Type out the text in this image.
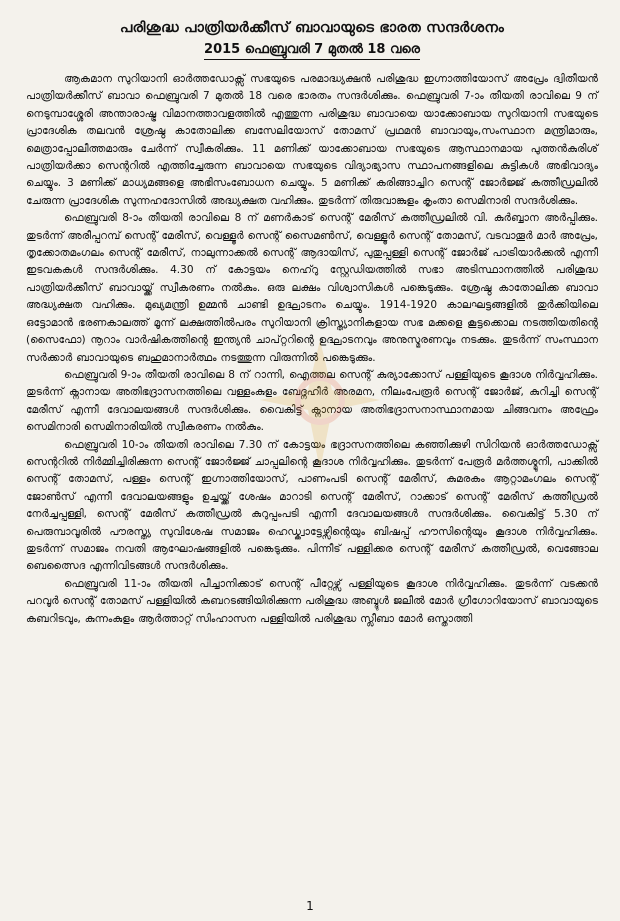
പരിശുദ്ധ പാത്രിയർക്കീസ് ബാവായുടെ ഭാരത സന്ദർശനം
2015 ഫെബ്രുവരി 7 മുതൽ 18 വരെ

ആകമാന സുറിയാനി ഓർത്തഡോക്സ് സഭയുടെ പരമാദ്ധ്യക്ഷൻ പരിശുദ്ധ ഇഗ്നാത്തിയോസ് അപ്രേം ദ്വിതീയൻ പാത്രിയർക്കീസ് ബാവാ ഫെബ്രുവരി 7 മുതൽ 18 വരെ ഭാരതം സന്ദർശിക്കും. ഫെബ്രുവരി 7-ാം തീയതി രാവിലെ 9 ന് നെടുമ്പാശ്ശേരി അന്താരാഷ്ട്ര വിമാനത്താവളത്തിൽ എത്തുന്ന പരിശുദ്ധ ബാവായെ യാക്കോബായ സുറിയാനി സഭയുടെ പ്രാദേശിക തലവൻ ശ്രേഷ്ഠ കാതോലിക്ക ബസേലിയോസ് തോമസ് പ്രഥമൻ ബാവായും,സംസ്ഥാന മന്ത്രിമാരും, മെത്രാപ്പോലീത്തമാരും ചേർന്ന് സ്വീകരിക്കും. 11 മണിക്ക് യാക്കോബായ സഭയുടെ ആസ്ഥാനമായ പുത്തൻകുരിശ് പാത്രിയർക്കാ സെന്ററിൽ എത്തിച്ചേരുന്ന ബാവായെ സഭയുടെ വിദ്യാഭ്യാസ സ്ഥാപനങ്ങളിലെ കുട്ടികൾ അഭിവാദ്യം ചെയ്യും. 3 മണിക്ക് മാധ്യമങ്ങളെ അഭിസംബോധന ചെയ്യും. 5 മണിക്ക് കരിങ്ങാച്ചിറ സെന്റ് ജോർജ്ജ് കത്തീഡ്രലിൽ ചേരുന്ന പ്രാദേശിക സുന്നഹദോസിൽ അദ്ധ്യക്ഷത വഹിക്കും. തുടർന്ന് തിരുവാങ്കുളം കൃംതാ സെമിനാരി സന്ദർശിക്കും.

ഫെബ്രുവരി 8-ാം തീയതി രാവിലെ 8 ന് മണർകാട് സെന്റ് മേരീസ് കത്തീഡ്രലിൽ വി. കുർബ്ബാന അർപ്പിക്കും. തുടർന്ന് അരീപ്പറമ്പ് സെന്റ് മേരീസ്, വെള്ളൂർ സെന്റ് സൈമൺസ്, വെള്ളൂർ സെന്റ് തോമസ്, വടവാതൂർ മാർ അപ്രേം, തൃക്കോതമംഗലം സെന്റ് മേരീസ്, നാലുന്നാക്കൽ സെന്റ് ആദായിസ്, പുതുപ്പള്ളി സെന്റ് ജോർജ് പാട്രിയാർക്കൽ എന്നീ ഇടവകകൾ സന്ദർശിക്കും. 4.30 ന് കോട്ടയം നെഹ്റു സ്റ്റേഡിയത്തിൽ സഭാ അടിസ്ഥാനത്തിൽ പരിശുദ്ധ പാത്രിയർക്കീസ് ബാവായ്ക്ക് സ്വീകരണം നൽകും. ഒരു ലക്ഷം വിശ്വാസികൾ പങ്കെടുക്കും. ശ്രേഷ്ഠ കാതോലിക്ക ബാവാ അദ്ധ്യക്ഷത വഹിക്കും. മുഖ്യമന്ത്രി ഉമ്മൻ ചാണ്ടി ഉദ്ഘാടനം ചെയ്യും. 1914-1920 കാലഘട്ടങ്ങളിൽ തുർക്കിയിലെ ഒട്ടോമാൻ ഭരണകാലത്ത് മൂന്ന് ലക്ഷത്തിൽപരം സുറിയാനി ക്രിസ്ത്യാനികളായ സഭ മക്കളെ കൂട്ടക്കൊല നടത്തിയതിന്റെ (സൈഫോ) നൂറാം വാർഷികത്തിന്റെ ഇന്ത്യൻ ചാപ്റ്ററിന്റെ ഉദ്ഘാടനവും അനുസ്മരണവും നടക്കും. തുടർന്ന് സംസ്ഥാന സർക്കാർ ബാവായുടെ ബഹുമാനാർത്ഥം നടത്തുന്ന വിരുന്നിൽ പങ്കെടുക്കും.

ഫെബ്രുവരി 9-ാം തീയതി രാവിലെ 8 ന് റാന്നി, ഐത്തല സെന്റ് കുര്യാക്കോസ് പള്ളിയുടെ കൂദാശ നിർവ്വഹിക്കും. തുടർന്ന് ക്നാനായ അതിഭദ്രാസനത്തിലെ വള്ളംകുളം ബേദ്നഹീർ അരമന, നീലംപേരൂർ സെന്റ് ജോർജ്, കുറിച്ചി സെന്റ് മേരീസ് എന്നീ ദേവാലയങ്ങൾ സന്ദർശിക്കും. വൈകിട്ട് ക്നാനായ അതിഭദ്രാസനാസ്ഥാനമായ ചിങ്ങവനം അഫ്രേം സെമിനാരി സെമിനാരിയിൽ സ്വീകരണം നൽകും.

ഫെബ്രുവരി 10-ാം തീയതി രാവിലെ 7.30 ന് കോട്ടയം ഭദ്രാസനത്തിലെ കഞ്ഞിക്കുഴി സിറിയൻ ഓർത്തഡോക്സ് സെന്ററിൽ നിർമ്മിച്ചിരിക്കുന്ന സെന്റ് ജോർജ്ജ് ചാപ്പലിന്റെ കൂദാശ നിർവ്വഹിക്കും. തുടർന്ന് പേരൂർ മർത്തശ്മൂനി, പാക്കിൽ സെന്റ് തോമസ്, പള്ളം സെന്റ് ഇഗ്നാത്തിയോസ്, പാണംപടി സെന്റ് മേരീസ്, കുമരകം ആറ്റാമംഗലം സെന്റ് ജോൺസ് എന്നീ ദേവാലയങ്ങളും ഉച്ചയ്ക്ക് ശേഷം മാറാടി സെന്റ് മേരീസ്, റാക്കാട് സെന്റ് മേരീസ് കത്തീഡ്രൽ നേർച്ചപ്പള്ളി, സെന്റ് മേരീസ് കത്തീഡ്രൽ കുറുപ്പംപടി എന്നീ ദേവാലയങ്ങൾ സന്ദർശിക്കും. വൈകിട്ട് 5.30 ന് പെരുമ്പാവൂരിൽ പൗരസ്ത്യ സുവിശേഷ സമാജം ഹെഡ്ക്വാട്ടേഴ്സിന്റെയും ബിഷപ്പ് ഹൗസിന്റെയും കൂദാശ നിർവ്വഹിക്കും. തുടർന്ന് സമാജം നവതി ആഘോഷങ്ങളിൽ പങ്കെടുക്കും. പിന്നീട് പള്ളിക്കര സെന്റ് മേരീസ് കത്തീഡ്രൽ, വെങ്ങോല ബെത്സൈദ എന്നിവിടങ്ങൾ സന്ദർശിക്കും.

ഫെബ്രുവരി 11-ാം തീയതി പീച്ചാനിക്കാട് സെന്റ് പീറ്റേഴ്സ് പള്ളിയുടെ കൂദാശ നിർവ്വഹിക്കും. തുടർന്ന് വടക്കൻ പറവൂർ സെന്റ് തോമസ് പള്ളിയിൽ കബറടങ്ങിയിരിക്കുന്ന പരിശുദ്ധ അബ്ദുൾ ജലീൽ മോർ ഗ്രീഗോറിയോസ് ബാവായുടെ കബറിടവും, കുന്നംകുളം ആർത്താറ്റ് സിംഹാസന പള്ളിയിൽ പരിശുദ്ധ സ്ലീബാ മോർ ഒസ്താത്തി

1
